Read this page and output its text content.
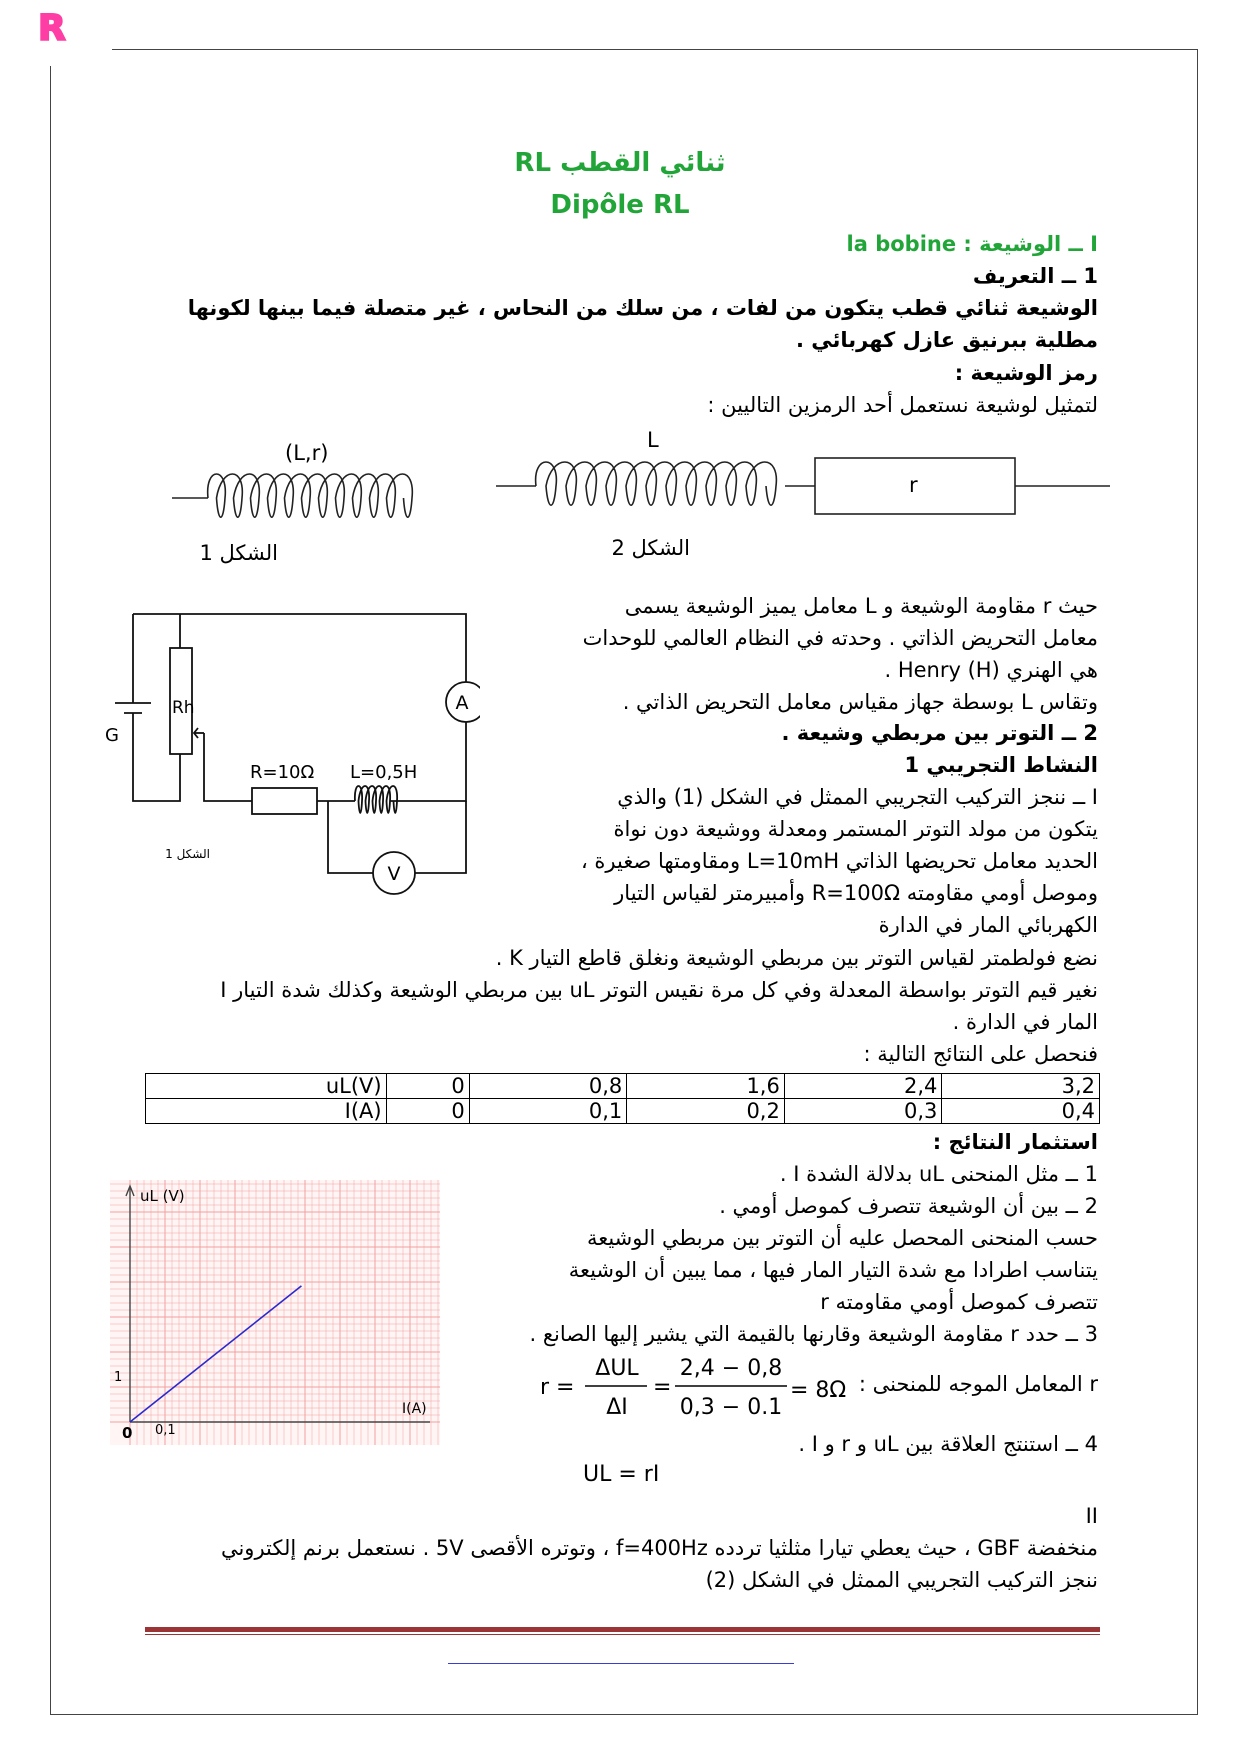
R
ثنائي القطب RL
Dipôle RL
I ــ الوشيعة : la bobine
1 ــ التعريف
الوشيعة ثنائي قطب يتكون من لفات ، من سلك من النحاس ، غير متصلة فيما بينها لكونها
مطلية ببرنيق عازل كهربائي .
رمز الوشيعة :
لتمثيل لوشيعة نستعمل أحد الرمزين التاليين :
(L,r)
الشكل 1
L
r
الشكل 2
A
V
G
Rh
R=10Ω L=0,5H
الشكل 1
حيث r مقاومة الوشيعة و L معامل يميز الوشيعة يسمى
معامل التحريض الذاتي . وحدته في النظام العالمي للوحدات
هي الهنري (H) Henry .
وتقاس L بوسطة جهاز مقياس معامل التحريض الذاتي .
2 ــ التوتر بين مربطي وشيعة .
النشاط التجريبي 1
I ــ ننجز التركيب التجريبي الممثل في الشكل (1) والذي
يتكون من مولد التوتر المستمر ومعدلة ووشيعة دون نواة
الحديد معامل تحريضها الذاتي L=10mH ومقاومتها صغيرة ،
وموصل أومي مقاومته R=100Ω وأمبيرمتر لقياس التيار
الكهربائي المار في الدارة
نضع فولطمتر لقياس التوتر بين مربطي الوشيعة ونغلق قاطع التيار K .
نغير قيم التوتر بواسطة المعدلة وفي كل مرة نقيس التوتر uL بين مربطي الوشيعة وكذلك شدة التيار I
المار في الدارة .
فنحصل على النتائج التالية :
uL(V)	0	0,8	1,6	2,4	3,2
I(A)	0	0,1	0,2	0,3	0,4
استثمار النتائج :
1 ــ مثل المنحنى uL بدلالة الشدة I .
2 ــ بين أن الوشيعة تتصرف كموصل أومي .
حسب المنحنى المحصل عليه أن التوتر بين مربطي الوشيعة
يتناسب اطرادا مع شدة التيار المار فيها ، مما يبين أن الوشيعة
تتصرف كموصل أومي مقاومته r
3 ــ حدد r مقاومة الوشيعة وقارنها بالقيمة التي يشير إليها الصانع .
r المعامل الموجه للمنحنى :
r =
ΔUL
ΔI
=
2,4 − 0,8
0,3 − 0.1
= 8Ω
4 ــ استنتج العلاقة بين uL و r و I .
UL = rI
II
منخفضة GBF ، حيث يعطي تيارا مثلثيا تردده f=400Hz ، وتوتره الأقصى 5V . نستعمل برنم إلكتروني
ننجز التركيب التجريبي الممثل في الشكل (2)
uL (V)
I(A)
0 0,1
1
